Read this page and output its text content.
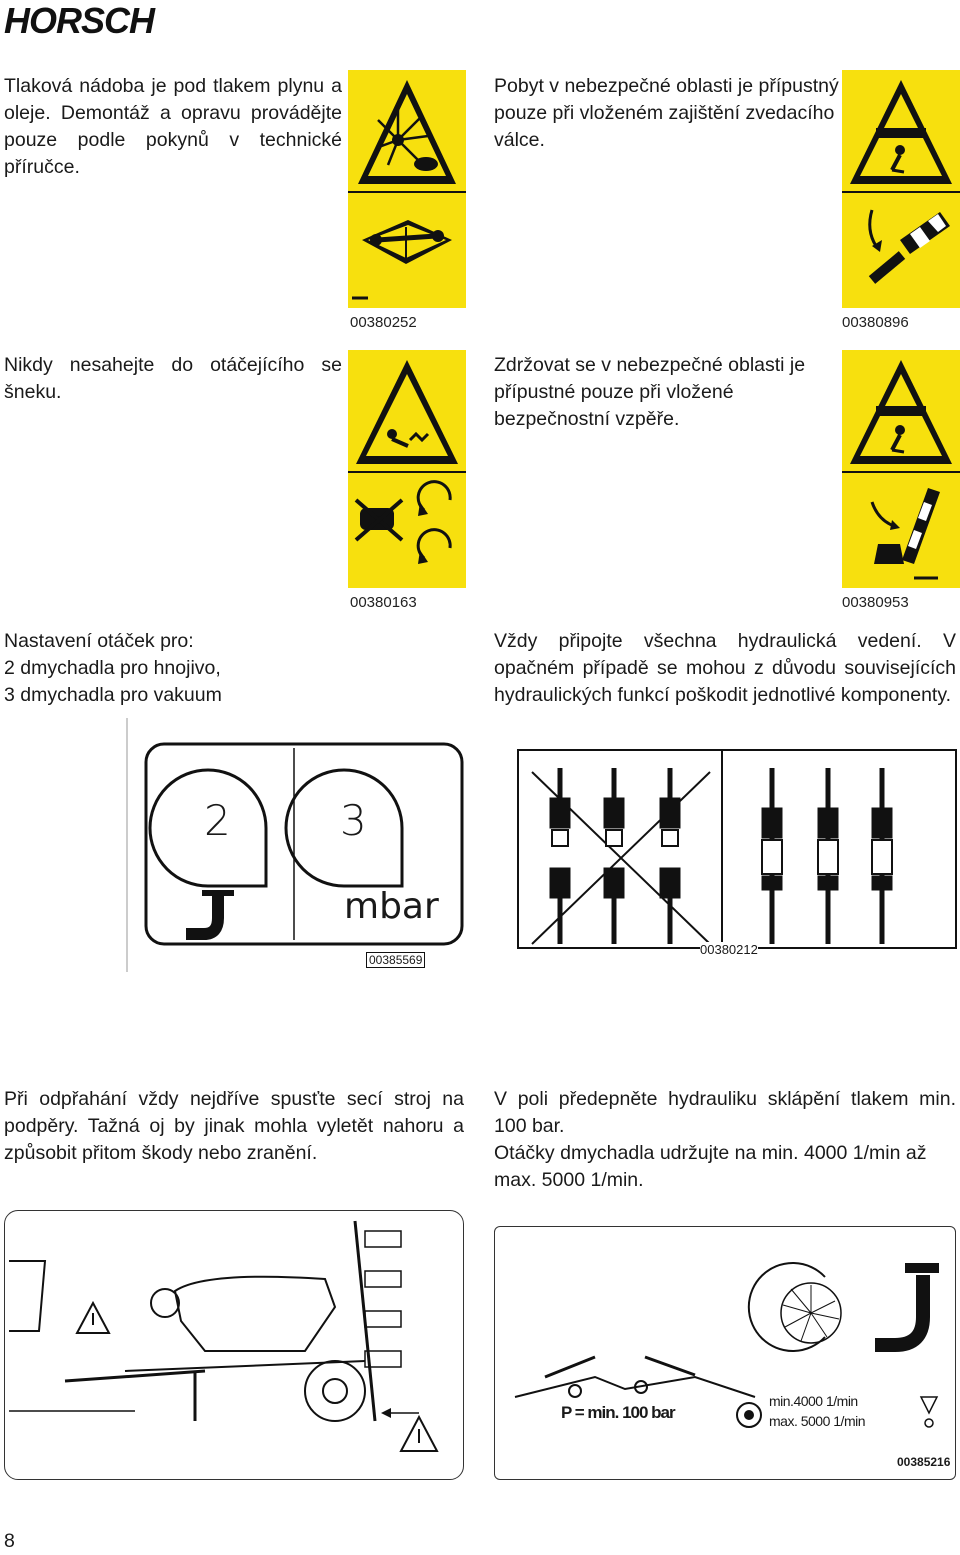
HORSCH
Tlaková nádoba je pod tlakem plynu a oleje. Demontáž a opravu provádějte pouze podle pokynů v technické příručce.
00380252
Pobyt v nebezpečné oblasti je přípustný pouze při vloženém zajištění zvedacího válce.
00380896
Nikdy nesahejte do otáčejícího se šneku.
00380163
Zdržovat se v nebezpečné oblasti je přípustné pouze při vložené bezpečnostní vzpěře.
00380953
Nastavení otáček pro:
2 dmychadla pro hnojivo,
3 dmychadla pro vakuum
2	3
mbar
00385569
Vždy připojte všechna hydraulická vedení. V opačném případě se mohou z důvodu souvisejících hydraulických funkcí poškodit jednotlivé komponenty.
00380212
Při odpřahání vždy nejdříve spusťte secí stroj na podpěry. Tažná oj by jinak mohla vyletět nahoru a způsobit přitom škody nebo zranění.
V poli předepněte hydrauliku sklápění tlakem min. 100 bar.
Otáčky dmychadla udržujte na min. 4000 1/min až max. 5000 1/min.
P = min. 100 bar
min.4000 1/min
max. 5000 1/min
00385216
8
